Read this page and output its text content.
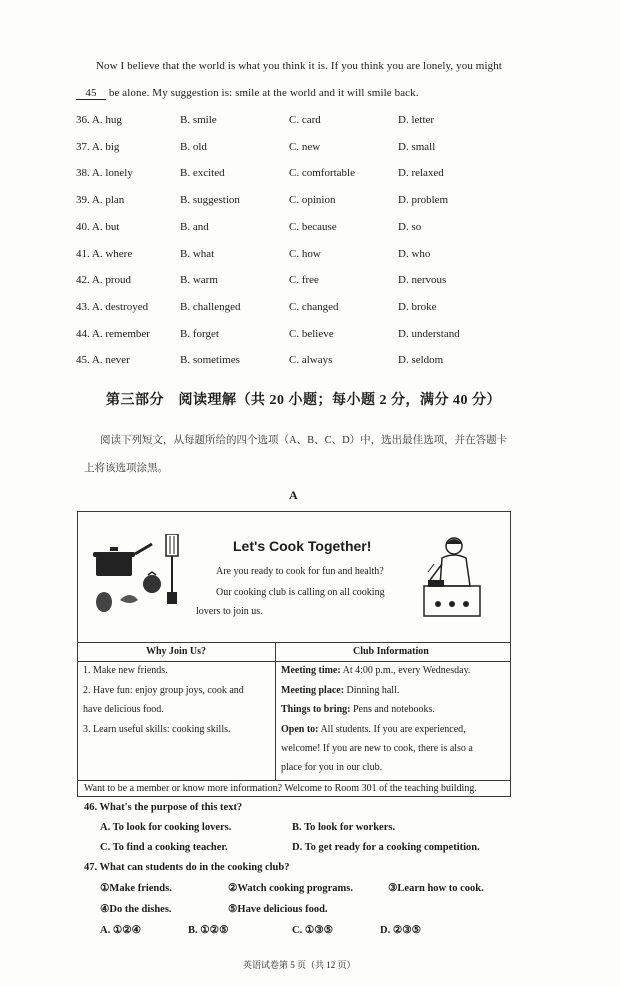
Now I believe that the world is what you think it is. If you think you are lonely, you might
45 be alone. My suggestion is: smile at the world and it will smile back.
36. A. hug	B. smile	C. card	D. letter
37. A. big	B. old	C. new	D. small
38. A. lonely	B. excited	C. comfortable	D. relaxed
39. A. plan	B. suggestion	C. opinion	D. problem
40. A. but	B. and	C. because	D. so
41. A. where	B. what	C. how	D. who
42. A. proud	B. warm	C. free	D. nervous
43. A. destroyed	B. challenged	C. changed	D. broke
44. A. remember	B. forget	C. believe	D. understand
45. A. never	B. sometimes	C. always	D. seldom
第三部分　阅读理解（共 20 小题；每小题 2 分，满分 40 分）
阅读下列短文，从每题所给的四个选项（A、B、C、D）中，选出最佳选项，并在答题卡
上将该选项涂黑。
A
Let's Cook Together!
Are you ready to cook for fun and health?
Our cooking club is calling on all cooking
lovers to join us.
Why Join Us?	Club Information
1. Make new friends.
2. Have fun: enjoy group joys, cook and
have delicious food.
3. Learn useful skills: cooking skills.
Meeting time: At 4:00 p.m., every Wednesday.
Meeting place: Dinning hall.
Things to bring: Pens and notebooks.
Open to: All students. If you are experienced,
welcome! If you are new to cook, there is also a
place for you in our club.
Want to be a member or know more information? Welcome to Room 301 of the teaching building.
46. What's the purpose of this text?
A. To look for cooking lovers.	B. To look for workers.
C. To find a cooking teacher.	D. To get ready for a cooking competition.
47. What can students do in the cooking club?
①Make friends.	②Watch cooking programs.	③Learn how to cook.
④Do the dishes.	⑤Have delicious food.
A. ①②④	B. ①②⑤	C. ①③⑤	D. ②③⑤
英语试卷第 5 页（共 12 页）
